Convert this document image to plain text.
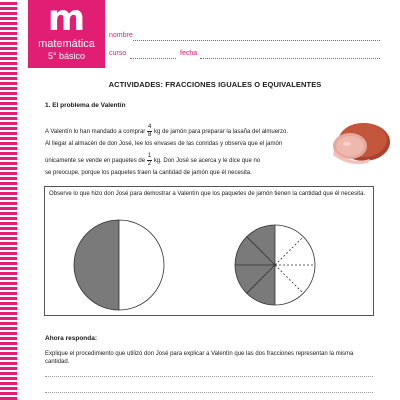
m
matemática
5° básico
nombre
curso	fecha
ACTIVIDADES: FRACCIONES IGUALES O EQUIVALENTES
1. El problema de Valentín
A Valentín lo han mandado a comprar $\frac{4}{8}$ kg de jamón para preparar la lasaña del almuerzo.
Al llegar al almacén de don José, lee los envases de las conridas y observa que el jamón
únicamente se vende en paquetes de $\frac{1}{2}$ kg. Don José se acerca y le dice que no
se preocupe, porque los paquetes traen la cantidad de jamón que él necesita.
Observe lo que hizo don José para demostrar a Valentín que los paquetes de jamón tienen la cantidad que él necesita.
Ahora responda:
Explique el procedimiento que utilizó don José para explicar a Valentín que las dos fracciones representan la misma cantidad.
